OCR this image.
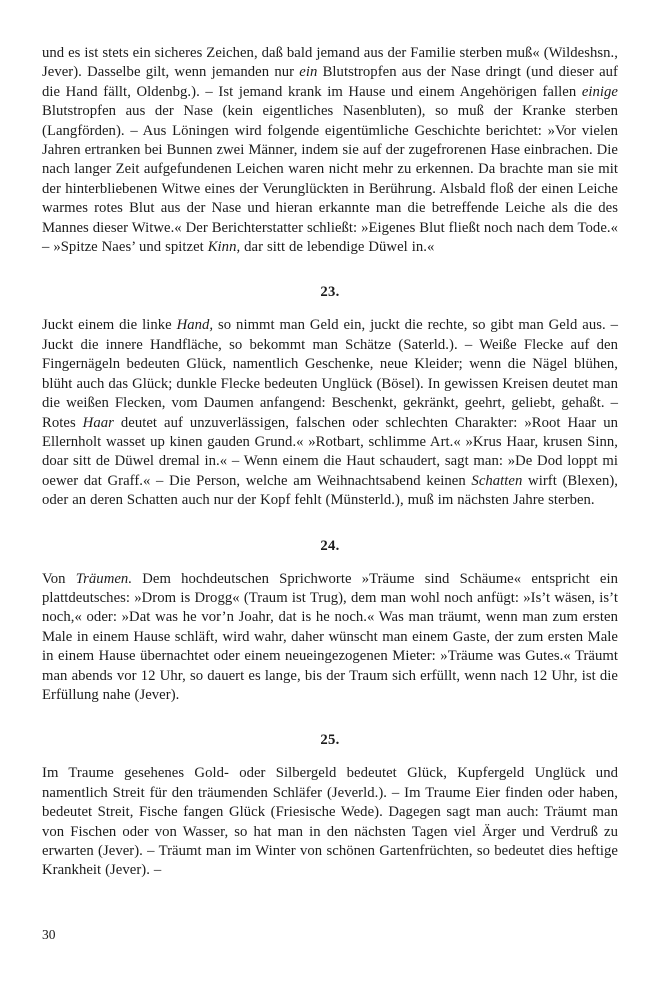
und es ist stets ein sicheres Zeichen, daß bald jemand aus der Familie sterben muß« (Wildeshsn., Jever). Dasselbe gilt, wenn jemanden nur ein Blutstropfen aus der Nase dringt (und dieser auf die Hand fällt, Oldenbg.). – Ist jemand krank im Hause und einem Angehörigen fallen einige Blutstropfen aus der Nase (kein eigentliches Nasenbluten), so muß der Kranke sterben (Langförden). – Aus Löningen wird folgende eigentümliche Geschichte berichtet: »Vor vielen Jahren ertranken bei Bunnen zwei Männer, indem sie auf der zugefrorenen Hase einbrachen. Die nach langer Zeit aufgefundenen Leichen waren nicht mehr zu erkennen. Da brachte man sie mit der hinterbliebenen Witwe eines der Verunglückten in Berührung. Alsbald floß der einen Leiche warmes rotes Blut aus der Nase und hieran erkannte man die betreffende Leiche als die des Mannes dieser Witwe.« Der Berichterstatter schließt: »Eigenes Blut fließt noch nach dem Tode.« – »Spitze Naes’ und spitzet Kinn, dar sitt de lebendige Düwel in.«

23.

Juckt einem die linke Hand, so nimmt man Geld ein, juckt die rechte, so gibt man Geld aus. – Juckt die innere Handfläche, so bekommt man Schätze (Saterld.). – Weiße Flecke auf den Fingernägeln bedeuten Glück, namentlich Geschenke, neue Kleider; wenn die Nägel blühen, blüht auch das Glück; dunkle Flecke bedeuten Unglück (Bösel). In gewissen Kreisen deutet man die weißen Flecken, vom Daumen anfangend: Beschenkt, gekränkt, geehrt, geliebt, gehaßt. – Rotes Haar deutet auf unzuverlässigen, falschen oder schlechten Charakter: »Root Haar un Ellernholt wasset up kinen gauden Grund.« »Rotbart, schlimme Art.« »Krus Haar, krusen Sinn, doar sitt de Düwel dremal in.« – Wenn einem die Haut schaudert, sagt man: »De Dod loppt mi oewer dat Graff.« – Die Person, welche am Weihnachtsabend keinen Schatten wirft (Blexen), oder an deren Schatten auch nur der Kopf fehlt (Münsterld.), muß im nächsten Jahre sterben.

24.

Von Träumen. Dem hochdeutschen Sprichworte »Träume sind Schäume« entspricht ein plattdeutsches: »Drom is Drogg« (Traum ist Trug), dem man wohl noch anfügt: »Is’t wäsen, is’t noch,« oder: »Dat was he vor’n Joahr, dat is he noch.« Was man träumt, wenn man zum ersten Male in einem Hause schläft, wird wahr, daher wünscht man einem Gaste, der zum ersten Male in einem Hause übernachtet oder einem neueingezogenen Mieter: »Träume was Gutes.« Träumt man abends vor 12 Uhr, so dauert es lange, bis der Traum sich erfüllt, wenn nach 12 Uhr, ist die Erfüllung nahe (Jever).

25.

Im Traume gesehenes Gold- oder Silbergeld bedeutet Glück, Kupfergeld Unglück und namentlich Streit für den träumenden Schläfer (Jeverld.). – Im Traume Eier finden oder haben, bedeutet Streit, Fische fangen Glück (Friesische Wede). Dagegen sagt man auch: Träumt man von Fischen oder von Wasser, so hat man in den nächsten Tagen viel Ärger und Verdruß zu erwarten (Jever). – Träumt man im Winter von schönen Gartenfrüchten, so bedeutet dies heftige Krankheit (Jever). –

30
